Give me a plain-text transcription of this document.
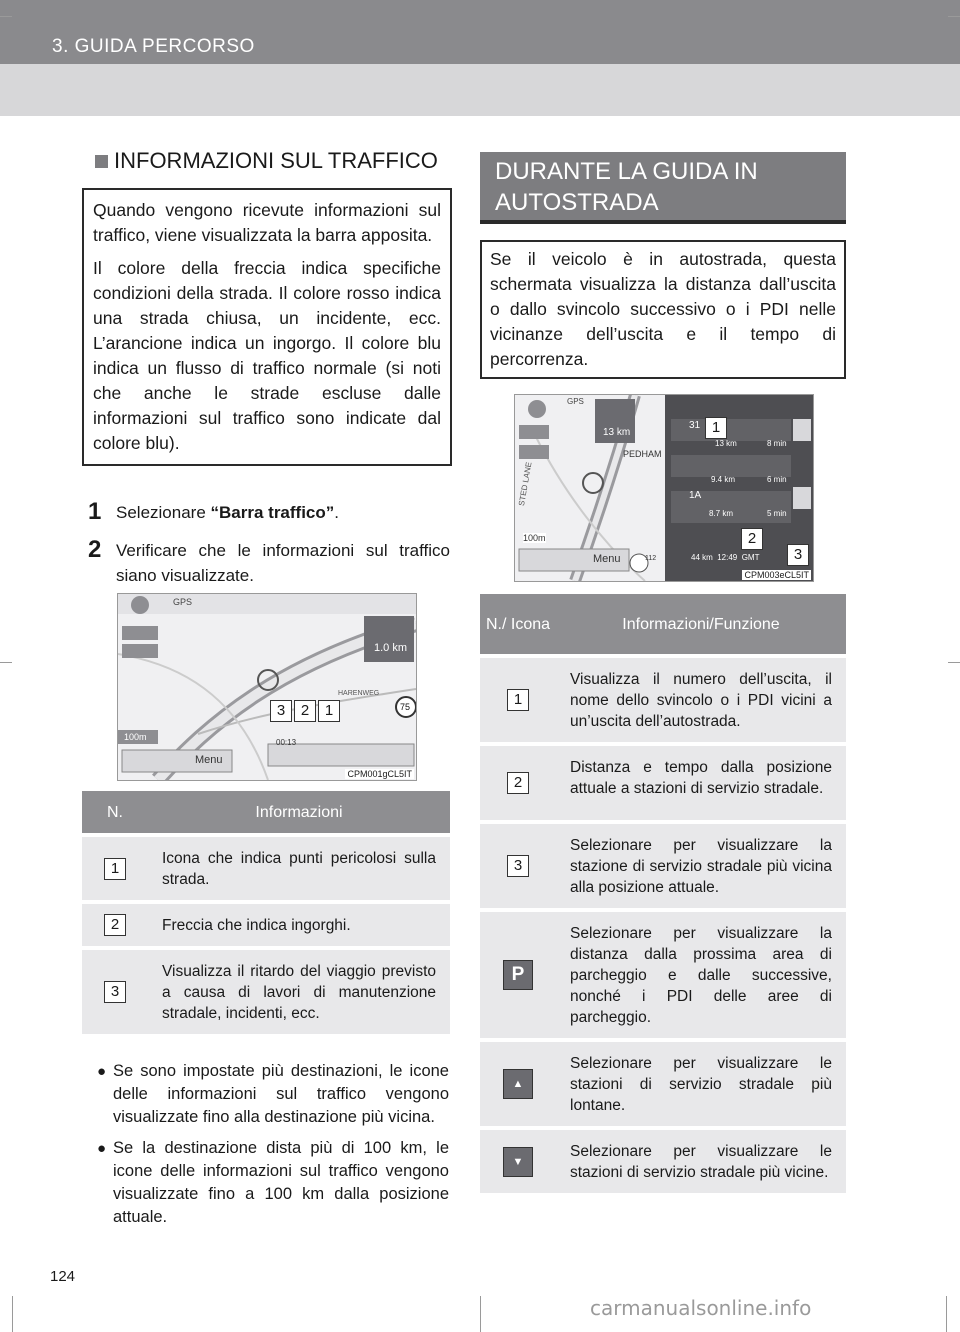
3. GUIDA PERCORSO
INFORMAZIONI SUL TRAFFICO

Quando vengono ricevute informazioni sul traffico, viene visualizzata la barra apposita.

Il colore della freccia indica specifiche condizioni della strada. Il colore rosso indica una strada chiusa, un incidente, ecc. L’arancione indica un ingorgo. Il colore blu indica un flusso di traffico normale (si noti che anche le strade escluse dalle informazioni sul traffico sono indicate dal colore blu).

1 Selezionare “Barra traffico”.
2 Verificare che le informazioni sul traffico siano visualizzate.
GPS
1.0 km
100m
Menu
HARENWEG
75
00:13
3	2	1
CPM001gCL5IT
N.	Informazioni
1	Icona che indica punti pericolosi sulla strada.
2	Freccia che indica ingorghi.
3	Visualizza il ritardo del viaggio previsto a causa di lavori di manutenzione stradale, incidenti, ecc.
● Se sono impostate più destinazioni, le icone delle informazioni sul traffico vengono visualizzate fino alla destinazione più vicina.
● Se la destinazione dista più di 100 km, le icone delle informazioni sul traffico vengono visualizzate fino a 100 km dalla posizione attuale.
DURANTE LA GUIDA IN AUTOSTRADA
Se il veicolo è in autostrada, questa schermata visualizza la distanza dall’uscita o dallo svincolo successivo o i PDI nelle vicinanze dell’uscita e il tempo di percorrenza.
GPS
13 km
PEDHAM
STED LANE
112
100m
Menu
31
13 km	8 min
9.4 km	6 min
1A
8.7 km	5 min
44 km  12:49  GMT
1
2
3
CPM003eCL5IT
N./ Icona	Informazioni/Funzione
1	Visualizza il numero dell’uscita, il nome dello svincolo o i PDI vicini a un’uscita dell’autostrada.
2	Distanza e tempo dalla posizione attuale a stazioni di servizio stradale.
3	Selezionare per visualizzare la stazione di servizio stradale più vicina alla posizione attuale.
P	Selezionare per visualizzare la distanza dalla prossima area di parcheggio e dalle successive, nonché i PDI delle aree di parcheggio.
▲	Selezionare per visualizzare le stazioni di servizio stradale più lontane.
▼	Selezionare per visualizzare le stazioni di servizio stradale più vicine.
124
carmanualsonline.info
